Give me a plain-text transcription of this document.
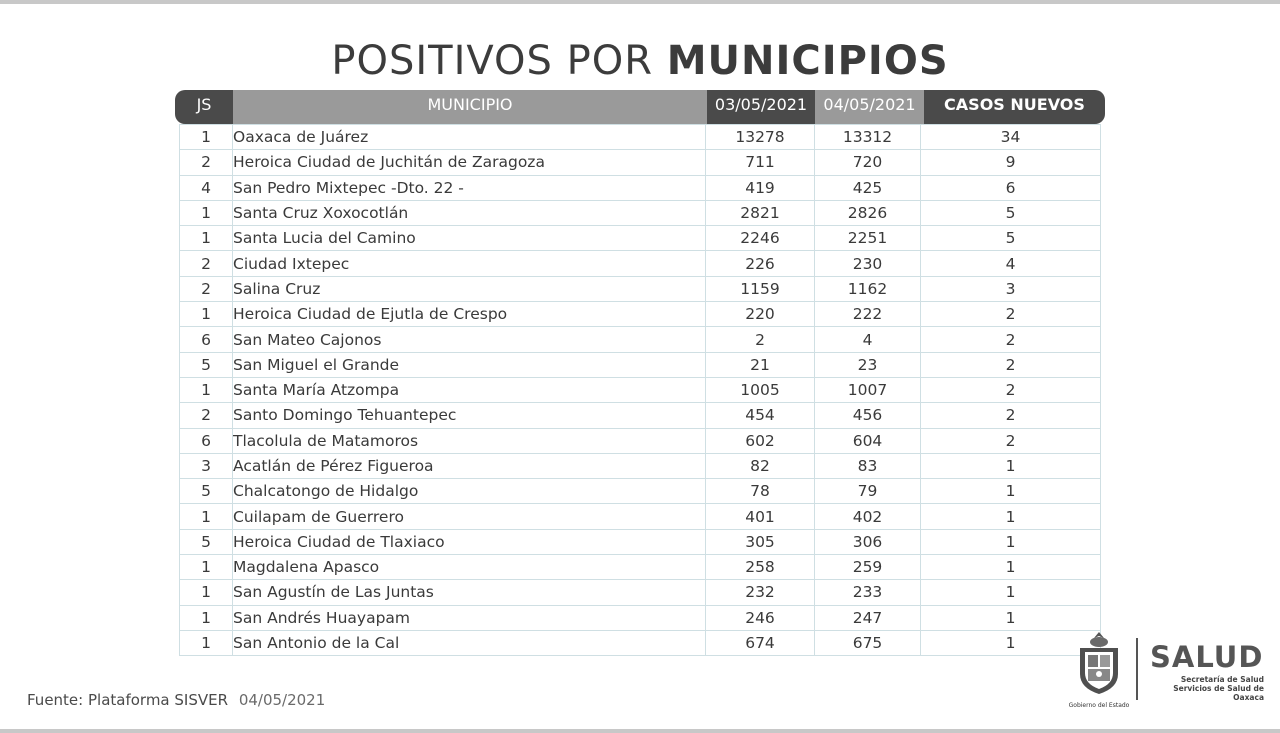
POSITIVOS POR MUNICIPIOS
JS	MUNICIPIO	03/05/2021	04/05/2021	CASOS NUEVOS
1	Oaxaca de Juárez	13278	13312	34
2	Heroica Ciudad de Juchitán de Zaragoza	711	720	9
4	San Pedro Mixtepec -Dto. 22 -	419	425	6
1	Santa Cruz Xoxocotlán	2821	2826	5
1	Santa Lucia del Camino	2246	2251	5
2	Ciudad Ixtepec	226	230	4
2	Salina Cruz	1159	1162	3
1	Heroica Ciudad de Ejutla de Crespo	220	222	2
6	San Mateo Cajonos	2	4	2
5	San Miguel el Grande	21	23	2
1	Santa María Atzompa	1005	1007	2
2	Santo Domingo Tehuantepec	454	456	2
6	Tlacolula de Matamoros	602	604	2
3	Acatlán de Pérez Figueroa	82	83	1
5	Chalcatongo de Hidalgo	78	79	1
1	Cuilapam de Guerrero	401	402	1
5	Heroica Ciudad de Tlaxiaco	305	306	1
1	Magdalena Apasco	258	259	1
1	San Agustín de Las Juntas	232	233	1
1	San Andrés Huayapam	246	247	1
1	San Antonio de la Cal	674	675	1
Fuente: Plataforma SISVER 04/05/2021	Gobierno del Estado
SALUD
Secretaría de Salud
Servicios de Salud de Oaxaca
